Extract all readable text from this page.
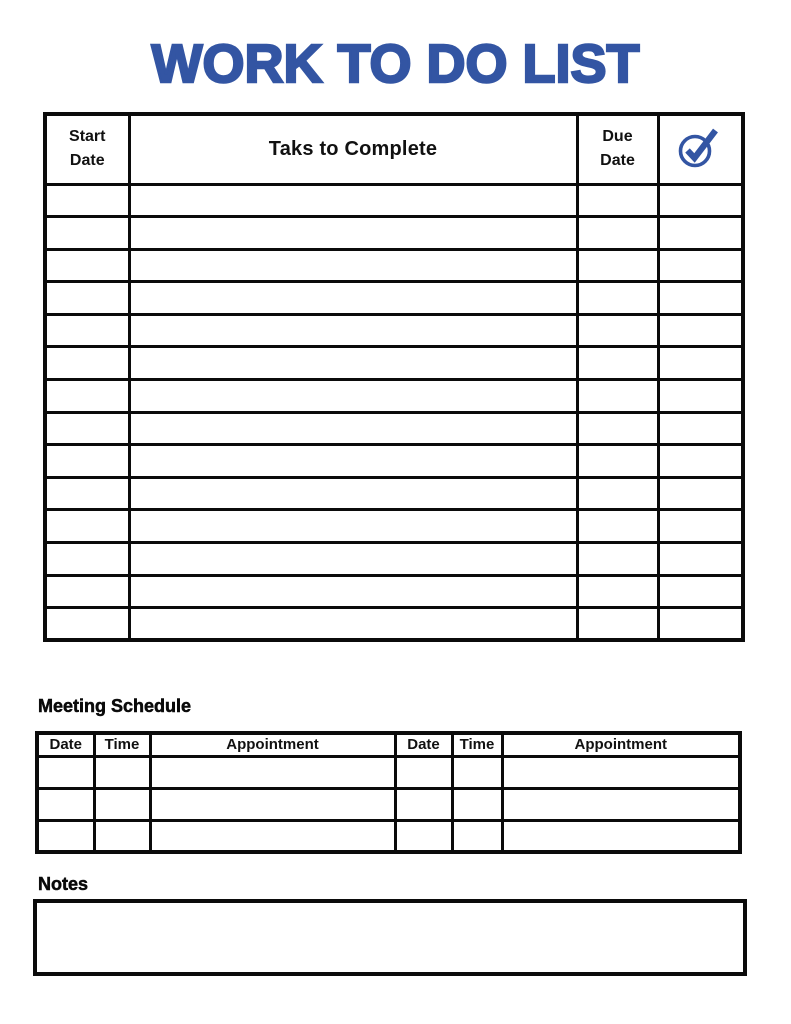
WORK TO DO LIST
Start Date	Taks to Complete	Due Date	

Meeting Schedule
Date	Time	Appointment	Date	Time	Appointment

Notes
